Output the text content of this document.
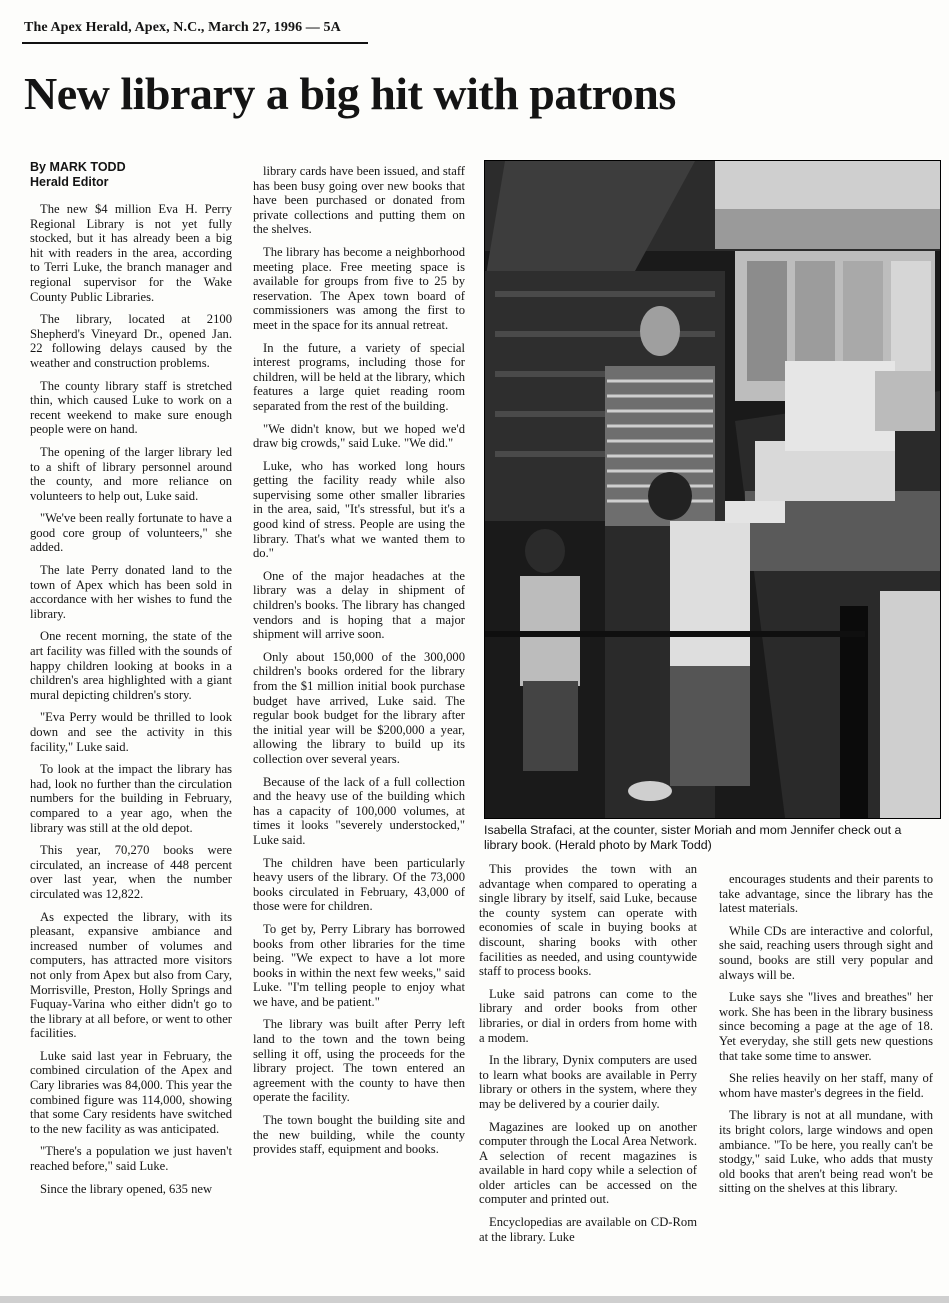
The Apex Herald, Apex, N.C., March 27, 1996 — 5A
New library a big hit with patrons
By MARK TODD
Herald Editor

The new $4 million Eva H. Perry Regional Library is not yet fully stocked, but it has already been a big hit with readers in the area, according to Terri Luke, the branch manager and regional supervisor for the Wake County Public Libraries.

The library, located at 2100 Shepherd's Vineyard Dr., opened Jan. 22 following delays caused by the weather and construction problems.

The county library staff is stretched thin, which caused Luke to work on a recent weekend to make sure enough people were on hand.

The opening of the larger library led to a shift of library personnel around the county, and more reliance on volunteers to help out, Luke said.

"We've been really fortunate to have a good core group of volunteers," she added.

The late Perry donated land to the town of Apex which has been sold in accordance with her wishes to fund the library.

One recent morning, the state of the art facility was filled with the sounds of happy children looking at books in a children's area highlighted with a giant mural depicting children's story.

"Eva Perry would be thrilled to look down and see the activity in this facility," Luke said.

To look at the impact the library has had, look no further than the circulation numbers for the building in February, compared to a year ago, when the library was still at the old depot.

This year, 70,270 books were circulated, an increase of 448 percent over last year, when the number circulated was 12,822.

As expected the library, with its pleasant, expansive ambiance and increased number of volumes and computers, has attracted more visitors not only from Apex but also from Cary, Morrisville, Preston, Holly Springs and Fuquay-Varina who either didn't go to the library at all before, or went to other facilities.

Luke said last year in February, the combined circulation of the Apex and Cary libraries was 84,000. This year the combined figure was 114,000, showing that some Cary residents have switched to the new facility as was anticipated.

"There's a population we just haven't reached before," said Luke.

Since the library opened, 635 new

library cards have been issued, and staff has been busy going over new books that have been purchased or donated from private collections and putting them on the shelves.

The library has become a neighborhood meeting place. Free meeting space is available for groups from five to 25 by reservation. The Apex town board of commissioners was among the first to meet in the space for its annual retreat.

In the future, a variety of special interest programs, including those for children, will be held at the library, which features a large quiet reading room separated from the rest of the building.

"We didn't know, but we hoped we'd draw big crowds," said Luke. "We did."

Luke, who has worked long hours getting the facility ready while also supervising some other smaller libraries in the area, said, "It's stressful, but it's a good kind of stress. People are using the library. That's what we wanted them to do."

One of the major headaches at the library was a delay in shipment of children's books. The library has changed vendors and is hoping that a major shipment will arrive soon.

Only about 150,000 of the 300,000 children's books ordered for the library from the $1 million initial book purchase budget have arrived, Luke said. The regular book budget for the library after the initial year will be $200,000 a year, allowing the library to build up its collection over several years.

Because of the lack of a full collection and the heavy use of the building which has a capacity of 100,000 volumes, at times it looks "severely understocked," Luke said.

The children have been particularly heavy users of the library. Of the 73,000 books circulated in February, 43,000 of those were for children.

To get by, Perry Library has borrowed books from other libraries for the time being. "We expect to have a lot more books in within the next few weeks," said Luke. "I'm telling people to enjoy what we have, and be patient."

The library was built after Perry left land to the town and the town being selling it off, using the proceeds for the library project. The town entered an agreement with the county to have then operate the facility.

The town bought the building site and the new building, while the county provides staff, equipment and books.

Isabella Strafaci, at the counter, sister Moriah and mom Jennifer check out a library book. (Herald photo by Mark Todd)

This provides the town with an advantage when compared to operating a single library by itself, said Luke, because the county system can operate with economies of scale in buying books at discount, sharing books with other facilities as needed, and using countywide staff to process books.

Luke said patrons can come to the library and order books from other libraries, or dial in orders from home with a modem.

In the library, Dynix computers are used to learn what books are available in Perry library or others in the system, where they may be delivered by a courier daily.

Magazines are looked up on another computer through the Local Area Network. A selection of recent magazines is available in hard copy while a selection of older articles can be accessed on the computer and printed out.

Encyclopedias are available on CD-Rom at the library. Luke

encourages students and their parents to take advantage, since the library has the latest materials.

While CDs are interactive and colorful, she said, reaching users through sight and sound, books are still very popular and always will be.

Luke says she "lives and breathes" her work. She has been in the library business since becoming a page at the age of 18. Yet everyday, she still gets new questions that take some time to answer.

She relies heavily on her staff, many of whom have master's degrees in the field.

The library is not at all mundane, with its bright colors, large windows and open ambiance. "To be here, you really can't be stodgy," said Luke, who adds that musty old books that aren't being read won't be sitting on the shelves at this library.
